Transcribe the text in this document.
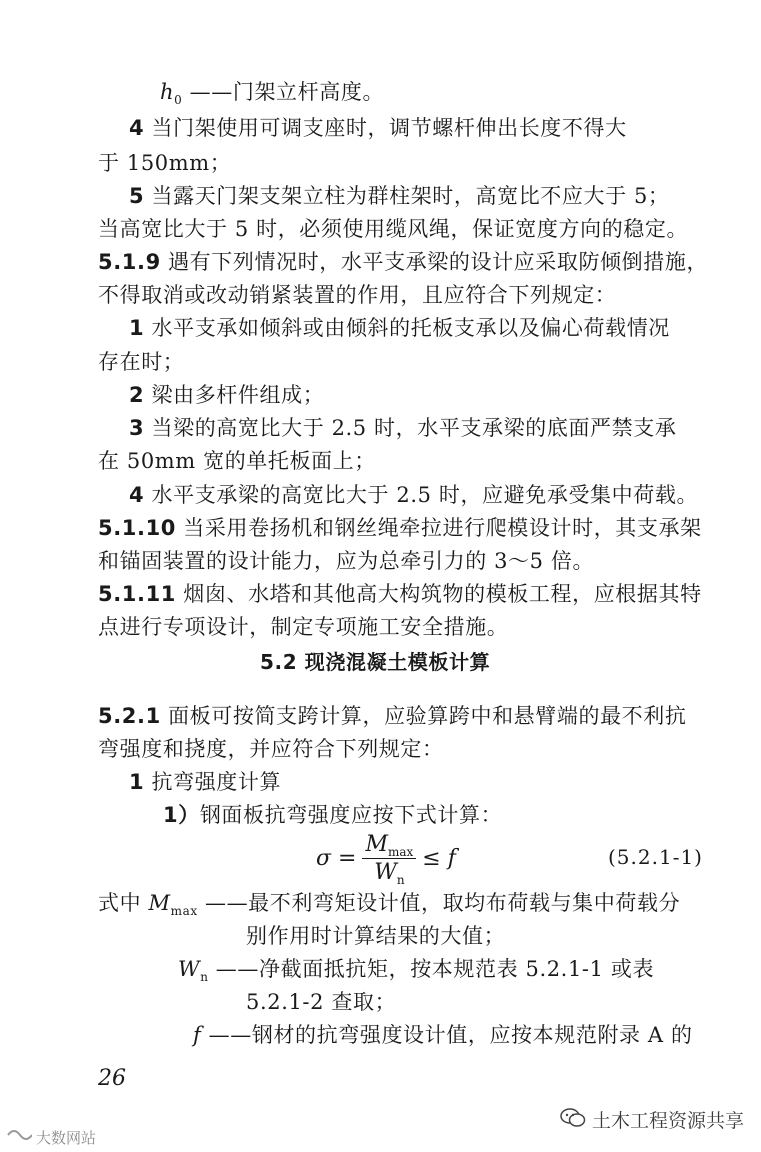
$h_0$ ——门架立杆高度。
4 当门架使用可调支座时，调节螺杆伸出长度不得大
于 150mm；
5 当露天门架支架立柱为群柱架时，高宽比不应大于 5；
当高宽比大于 5 时，必须使用缆风绳，保证宽度方向的稳定。
5.1.9 遇有下列情况时，水平支承梁的设计应采取防倾倒措施，
不得取消或改动销紧装置的作用，且应符合下列规定：
1 水平支承如倾斜或由倾斜的托板支承以及偏心荷载情况
存在时；
2 梁由多杆件组成；
3 当梁的高宽比大于 2.5 时，水平支承梁的底面严禁支承
在 50mm 宽的单托板面上；
4 水平支承梁的高宽比大于 2.5 时，应避免承受集中荷载。
5.1.10 当采用卷扬机和钢丝绳牵拉进行爬模设计时，其支承架
和锚固装置的设计能力，应为总牵引力的 3～5 倍。
5.1.11 烟囱、水塔和其他高大构筑物的模板工程，应根据其特
点进行专项设计，制定专项施工安全措施。
5.2 现浇混凝土模板计算
5.2.1 面板可按简支跨计算，应验算跨中和悬臂端的最不利抗
弯强度和挠度，并应符合下列规定：
1 抗弯强度计算
1）钢面板抗弯强度应按下式计算：
式中 $M_{max}$ ——最不利弯矩设计值，取均布荷载与集中荷载分
别作用时计算结果的大值；
$W_n$ ——净截面抵抗矩，按本规范表 5.2.1-1 或表
5.2.1-2 查取；
f ——钢材的抗弯强度设计值，应按本规范附录 A 的
$\sigma = \frac{M_{max}}{W_n} \le f$	(5.2.1-1)
26
土木工程资源共享
大数网站
